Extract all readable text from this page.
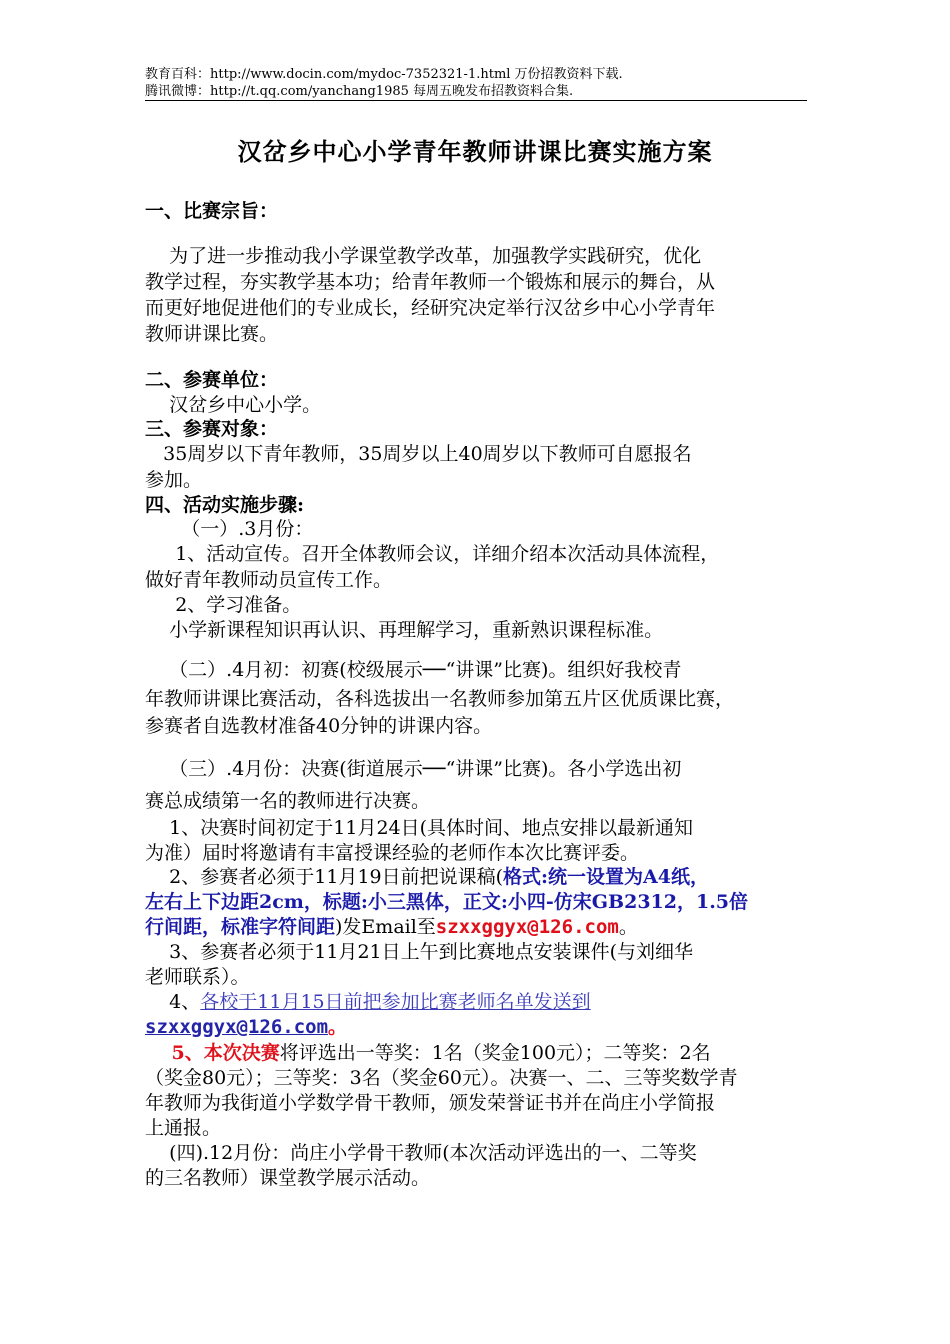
教育百科：http://www.docin.com/mydoc-7352321-1.html 万份招教资料下载.
腾讯微博：http://t.qq.com/yanchang1985 每周五晚发布招教资料合集.
汉岔乡中心小学青年教师讲课比赛实施方案
一、比赛宗旨：
为了进一步推动我小学课堂教学改革，加强教学实践研究，优化
教学过程，夯实教学基本功；给青年教师一个锻炼和展示的舞台，从
而更好地促进他们的专业成长，经研究决定举行汉岔乡中心小学青年
教师讲课比赛。
二、参赛单位：
汉岔乡中心小学。
三、参赛对象：
35周岁以下青年教师，35周岁以上40周岁以下教师可自愿报名
参加。
四、活动实施步骤:
（一）.3月份：
1、活动宣传。召开全体教师会议，详细介绍本次活动具体流程，
做好青年教师动员宣传工作。
2、学习准备。
小学新课程知识再认识、再理解学习，重新熟识课程标准。
（二）.4月初：初赛(校级展示──“讲课”比赛)。组织好我校青
年教师讲课比赛活动，各科选拔出一名教师参加第五片区优质课比赛，
参赛者自选教材准备40分钟的讲课内容。
（三）.4月份：决赛(街道展示──“讲课”比赛)。各小学选出初
赛总成绩第一名的教师进行决赛。
1、决赛时间初定于11月24日(具体时间、地点安排以最新通知
为准）届时将邀请有丰富授课经验的老师作本次比赛评委。
2、参赛者必须于11月19日前把说课稿(格式:统一设置为A4纸，
左右上下边距2cm，标题:小三黑体，正文:小四-仿宋GB2312，1.5倍
行间距，标准字符间距)发Email至szxxggyx@126.com。
3、参赛者必须于11月21日上午到比赛地点安装课件(与刘细华
老师联系）。
4、各校于11月15日前把参加比赛老师名单发送到
szxxggyx@126.com。
5、本次决赛将评选出一等奖：1名（奖金100元）；二等奖：2名
（奖金80元）；三等奖：3名（奖金60元）。决赛一、二、三等奖数学青
年教师为我街道小学数学骨干教师，颁发荣誉证书并在尚庄小学简报
上通报。
(四).12月份：尚庄小学骨干教师(本次活动评选出的一、二等奖
的三名教师）课堂教学展示活动。
